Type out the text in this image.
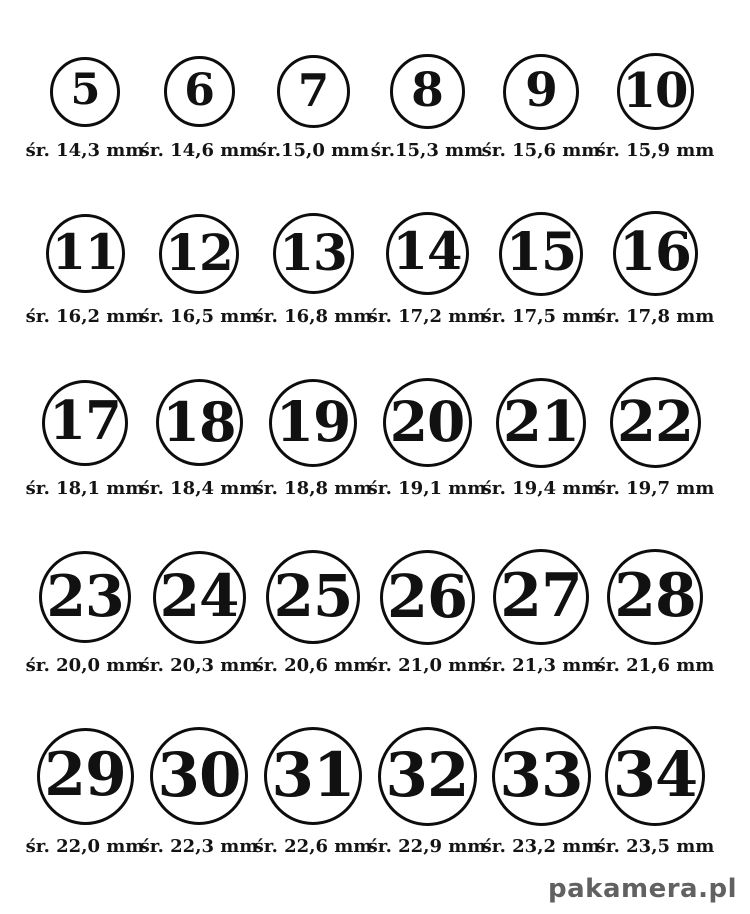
5
śr. 14,3 mm
6
śr. 14,6 mm
7
śr.15,0 mm
8
śr.15,3 mm
9
śr. 15,6 mm
10
śr. 15,9 mm
11
śr. 16,2 mm
12
śr. 16,5 mm
13
śr. 16,8 mm
14
śr. 17,2 mm
15
śr. 17,5 mm
16
śr. 17,8 mm
17
śr. 18,1 mm
18
śr. 18,4 mm
19
śr. 18,8 mm
20
śr. 19,1 mm
21
śr. 19,4 mm
22
śr. 19,7 mm
23
śr. 20,0 mm
24
śr. 20,3 mm
25
śr. 20,6 mm
26
śr. 21,0 mm
27
śr. 21,3 mm
28
śr. 21,6 mm
29
śr. 22,0 mm
30
śr. 22,3 mm
31
śr. 22,6 mm
32
śr. 22,9 mm
33
śr. 23,2 mm
34
śr. 23,5 mm
pakamera.pl
